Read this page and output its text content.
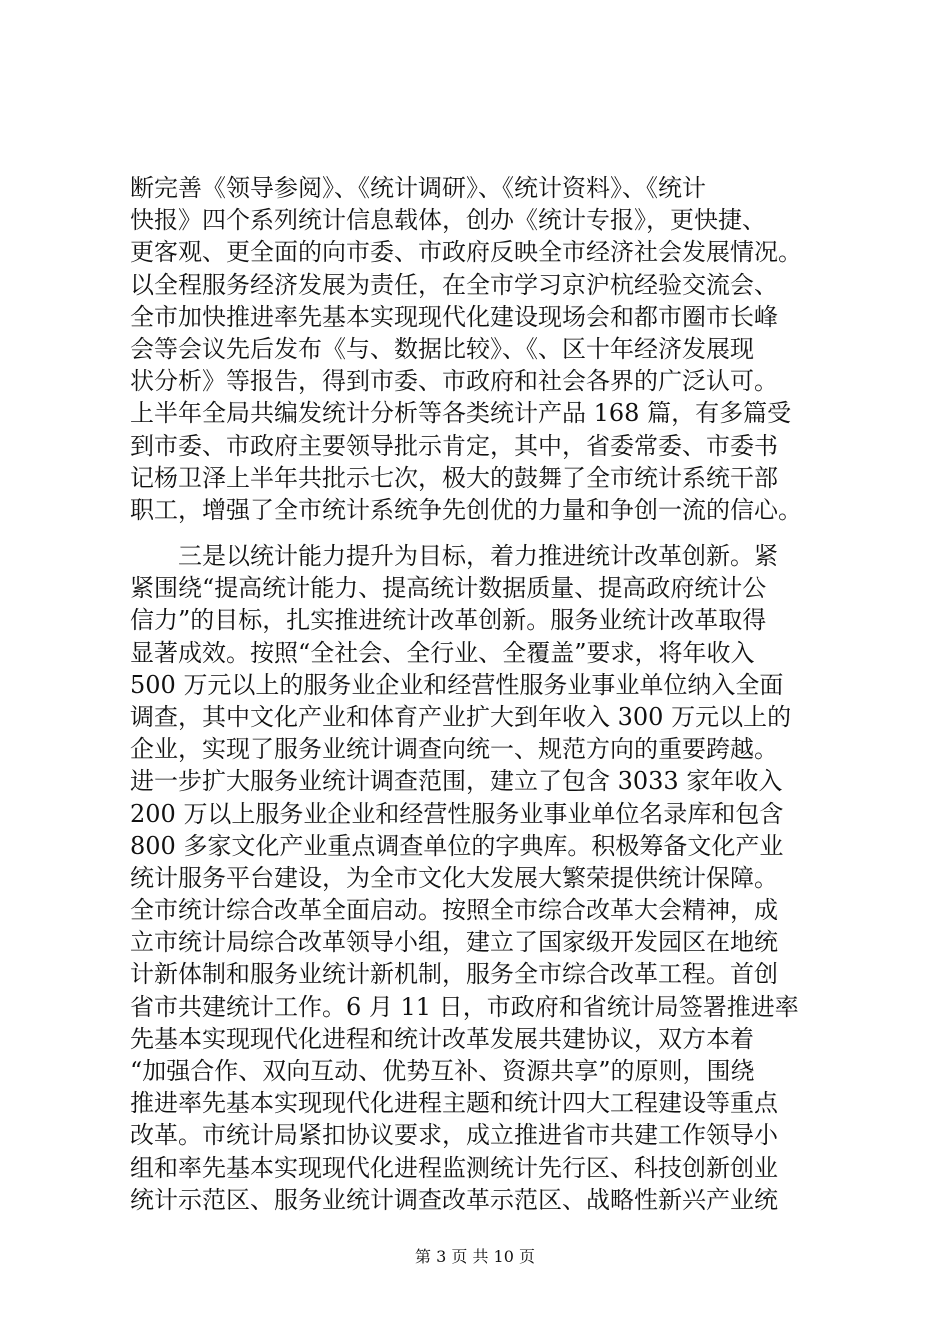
断完善《领导参阅》、《统计调研》、《统计资料》、《统计
快报》四个系列统计信息载体，创办《统计专报》，更快捷、
更客观、更全面的向市委、市政府反映全市经济社会发展情况。
以全程服务经济发展为责任，在全市学习京沪杭经验交流会、
全市加快推进率先基本实现现代化建设现场会和都市圈市长峰
会等会议先后发布《与、数据比较》、《、区十年经济发展现
状分析》等报告，得到市委、市政府和社会各界的广泛认可。
上半年全局共编发统计分析等各类统计产品 168 篇，有多篇受
到市委、市政府主要领导批示肯定，其中，省委常委、市委书
记杨卫泽上半年共批示七次，极大的鼓舞了全市统计系统干部
职工，增强了全市统计系统争先创优的力量和争创一流的信心。
　　三是以统计能力提升为目标，着力推进统计改革创新。紧
紧围绕“提高统计能力、提高统计数据质量、提高政府统计公
信力”的目标，扎实推进统计改革创新。服务业统计改革取得
显著成效。按照“全社会、全行业、全覆盖”要求，将年收入
500 万元以上的服务业企业和经营性服务业事业单位纳入全面
调查，其中文化产业和体育产业扩大到年收入 300 万元以上的
企业，实现了服务业统计调查向统一、规范方向的重要跨越。
进一步扩大服务业统计调查范围，建立了包含 3033 家年收入
200 万以上服务业企业和经营性服务业事业单位名录库和包含
800 多家文化产业重点调查单位的字典库。积极筹备文化产业
统计服务平台建设，为全市文化大发展大繁荣提供统计保障。
全市统计综合改革全面启动。按照全市综合改革大会精神，成
立市统计局综合改革领导小组，建立了国家级开发园区在地统
计新体制和服务业统计新机制，服务全市综合改革工程。首创
省市共建统计工作。6 月 11 日，市政府和省统计局签署推进率
先基本实现现代化进程和统计改革发展共建协议，双方本着
“加强合作、双向互动、优势互补、资源共享”的原则，围绕
推进率先基本实现现代化进程主题和统计四大工程建设等重点
改革。市统计局紧扣协议要求，成立推进省市共建工作领导小
组和率先基本实现现代化进程监测统计先行区、科技创新创业
统计示范区、服务业统计调查改革示范区、战略性新兴产业统
第 3 页 共 10 页
